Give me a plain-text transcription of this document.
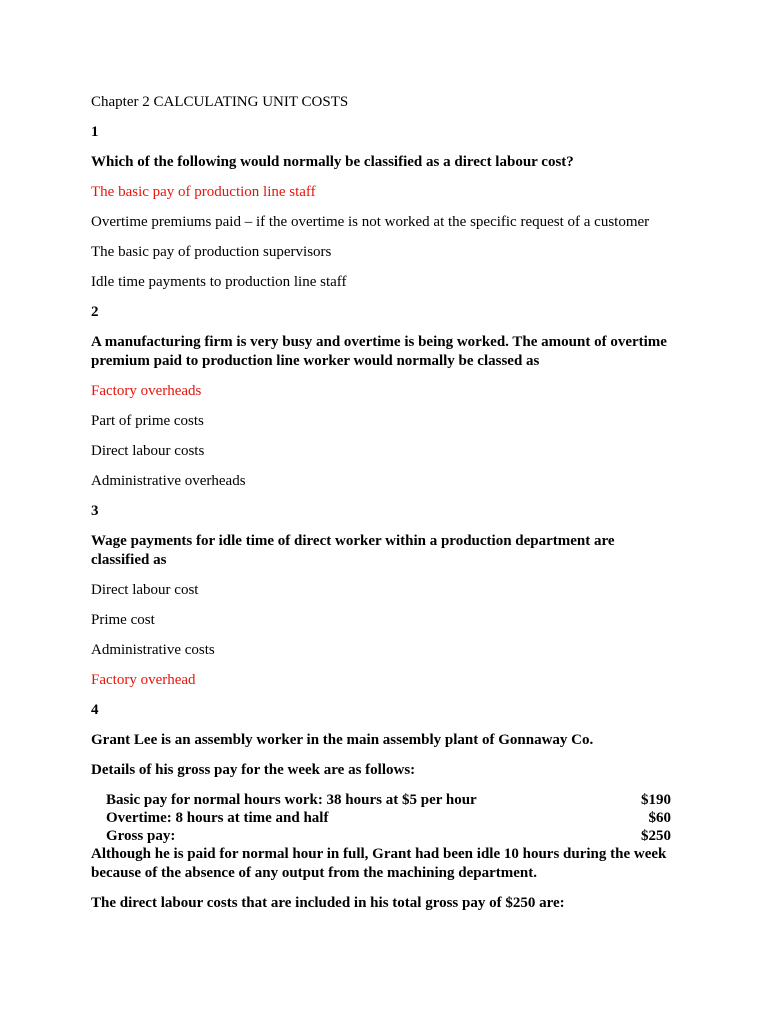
Chapter 2 CALCULATING UNIT COSTS

1

Which of the following would normally be classified as a direct labour cost?

The basic pay of production line staff

Overtime premiums paid – if the overtime is not worked at the specific request of a customer

The basic pay of production supervisors

Idle time payments to production line staff

2

A manufacturing firm is very busy and overtime is being worked. The amount of overtime premium paid to production line worker would normally be classed as

Factory overheads

Part of prime costs

Direct labour costs

Administrative overheads

3

Wage payments for idle time of direct worker within a production department are classified as

Direct labour cost

Prime cost

Administrative costs

Factory overhead

4

Grant Lee is an assembly worker in the main assembly plant of Gonnaway Co.

Details of his gross pay for the week are as follows:

Basic pay for normal hours work: 38 hours at $5 per hour	$190
Overtime: 8 hours at time and half	$60
Gross pay:	$250

Although he is paid for normal hour in full, Grant had been idle 10 hours during the week because of the absence of any output from the machining department.

The direct labour costs that are included in his total gross pay of $250 are:
